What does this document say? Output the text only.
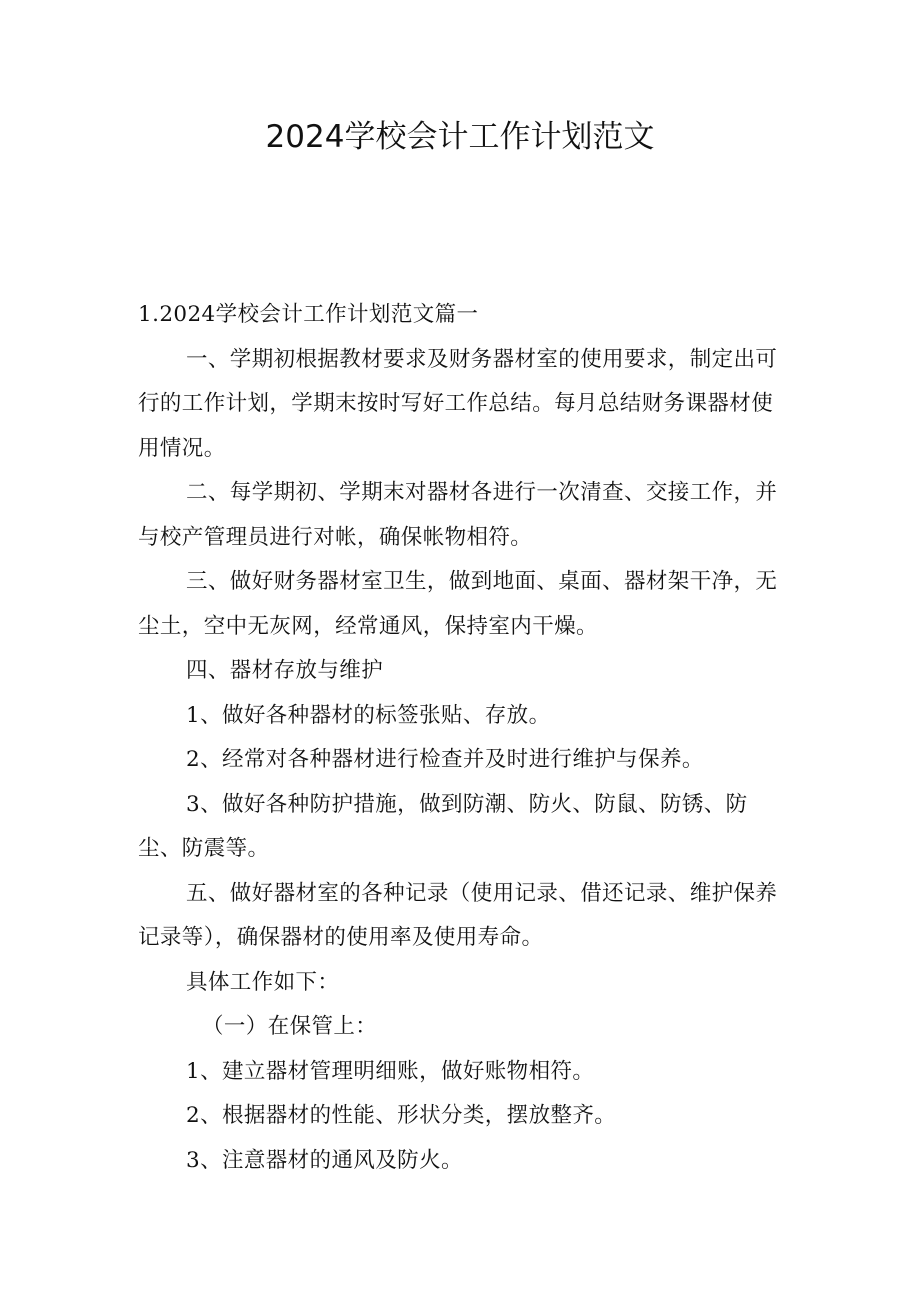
2024学校会计工作计划范文

1.2024学校会计工作计划范文篇一

一、学期初根据教材要求及财务器材室的使用要求，制定出可行的工作计划，学期末按时写好工作总结。每月总结财务课器材使用情况。

二、每学期初、学期末对器材各进行一次清查、交接工作，并与校产管理员进行对帐，确保帐物相符。

三、做好财务器材室卫生，做到地面、桌面、器材架干净，无尘土，空中无灰网，经常通风，保持室内干燥。

四、器材存放与维护

1、做好各种器材的标签张贴、存放。

2、经常对各种器材进行检查并及时进行维护与保养。

3、做好各种防护措施，做到防潮、防火、防鼠、防锈、防尘、防震等。

五、做好器材室的各种记录（使用记录、借还记录、维护保养记录等），确保器材的使用率及使用寿命。

具体工作如下：

（一）在保管上：

1、建立器材管理明细账，做好账物相符。

2、根据器材的性能、形状分类，摆放整齐。

3、注意器材的通风及防火。
